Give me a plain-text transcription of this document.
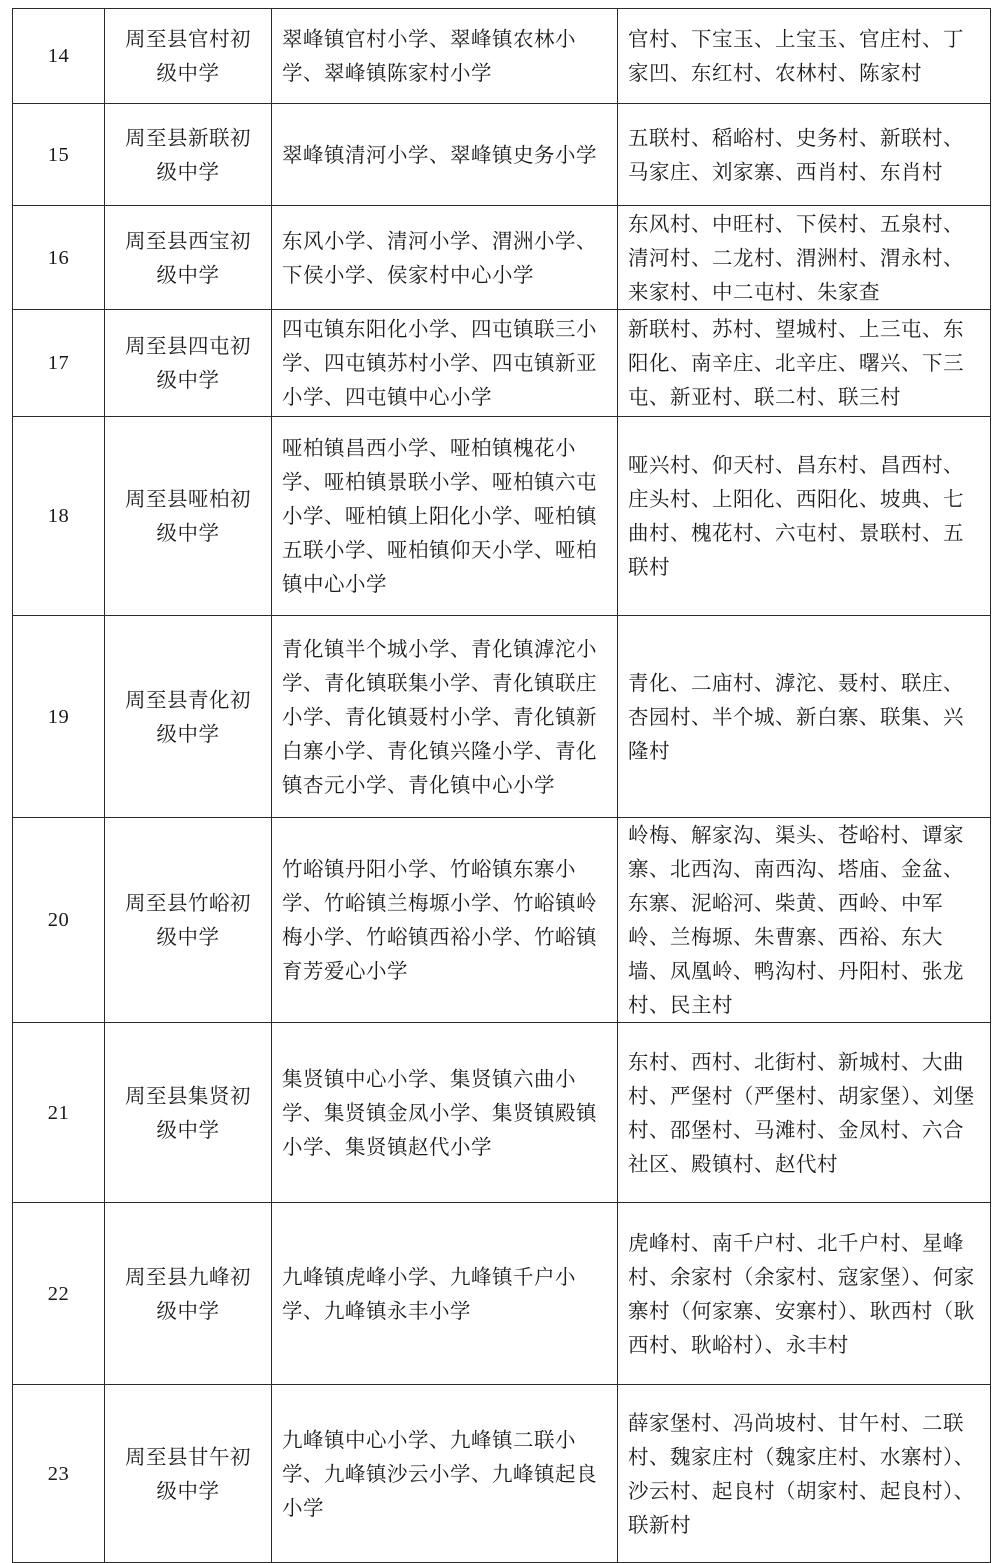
14	周至县官村初级中学	翠峰镇官村小学、翠峰镇农林小学、翠峰镇陈家村小学	官村、下宝玉、上宝玉、官庄村、丁家凹、东红村、农林村、陈家村
15	周至县新联初级中学	翠峰镇清河小学、翠峰镇史务小学	五联村、稻峪村、史务村、新联村、马家庄、刘家寨、西肖村、东肖村
16	周至县西宝初级中学	东风小学、清河小学、渭洲小学、下侯小学、侯家村中心小学	东风村、中旺村、下侯村、五泉村、清河村、二龙村、渭洲村、渭永村、来家村、中二屯村、朱家查
17	周至县四屯初级中学	四屯镇东阳化小学、四屯镇联三小学、四屯镇苏村小学、四屯镇新亚小学、四屯镇中心小学	新联村、苏村、望城村、上三屯、东阳化、南辛庄、北辛庄、曙兴、下三屯、新亚村、联二村、联三村
18	周至县哑柏初级中学	哑柏镇昌西小学、哑柏镇槐花小学、哑柏镇景联小学、哑柏镇六屯小学、哑柏镇上阳化小学、哑柏镇五联小学、哑柏镇仰天小学、哑柏镇中心小学	哑兴村、仰天村、昌东村、昌西村、庄头村、上阳化、西阳化、坡典、七曲村、槐花村、六屯村、景联村、五联村
19	周至县青化初级中学	青化镇半个城小学、青化镇滹沱小学、青化镇联集小学、青化镇联庄小学、青化镇聂村小学、青化镇新白寨小学、青化镇兴隆小学、青化镇杏元小学、青化镇中心小学	青化、二庙村、滹沱、聂村、联庄、杏园村、半个城、新白寨、联集、兴隆村
20	周至县竹峪初级中学	竹峪镇丹阳小学、竹峪镇东寨小学、竹峪镇兰梅塬小学、竹峪镇岭梅小学、竹峪镇西裕小学、竹峪镇育芳爱心小学	岭梅、解家沟、渠头、苍峪村、谭家寨、北西沟、南西沟、塔庙、金盆、东寨、泥峪河、柴黄、西岭、中军岭、兰梅塬、朱曹寨、西裕、东大墙、凤凰岭、鸭沟村、丹阳村、张龙村、民主村
21	周至县集贤初级中学	集贤镇中心小学、集贤镇六曲小学、集贤镇金凤小学、集贤镇殿镇小学、集贤镇赵代小学	东村、西村、北街村、新城村、大曲村、严堡村（严堡村、胡家堡）、刘堡村、邵堡村、马滩村、金凤村、六合社区、殿镇村、赵代村
22	周至县九峰初级中学	九峰镇虎峰小学、九峰镇千户小学、九峰镇永丰小学	虎峰村、南千户村、北千户村、星峰村、余家村（余家村、寇家堡）、何家寨村（何家寨、安寨村）、耿西村（耿西村、耿峪村）、永丰村
23	周至县甘午初级中学	九峰镇中心小学、九峰镇二联小学、九峰镇沙云小学、九峰镇起良小学	薛家堡村、冯尚坡村、甘午村、二联村、魏家庄村（魏家庄村、水寨村）、沙云村、起良村（胡家村、起良村）、联新村
